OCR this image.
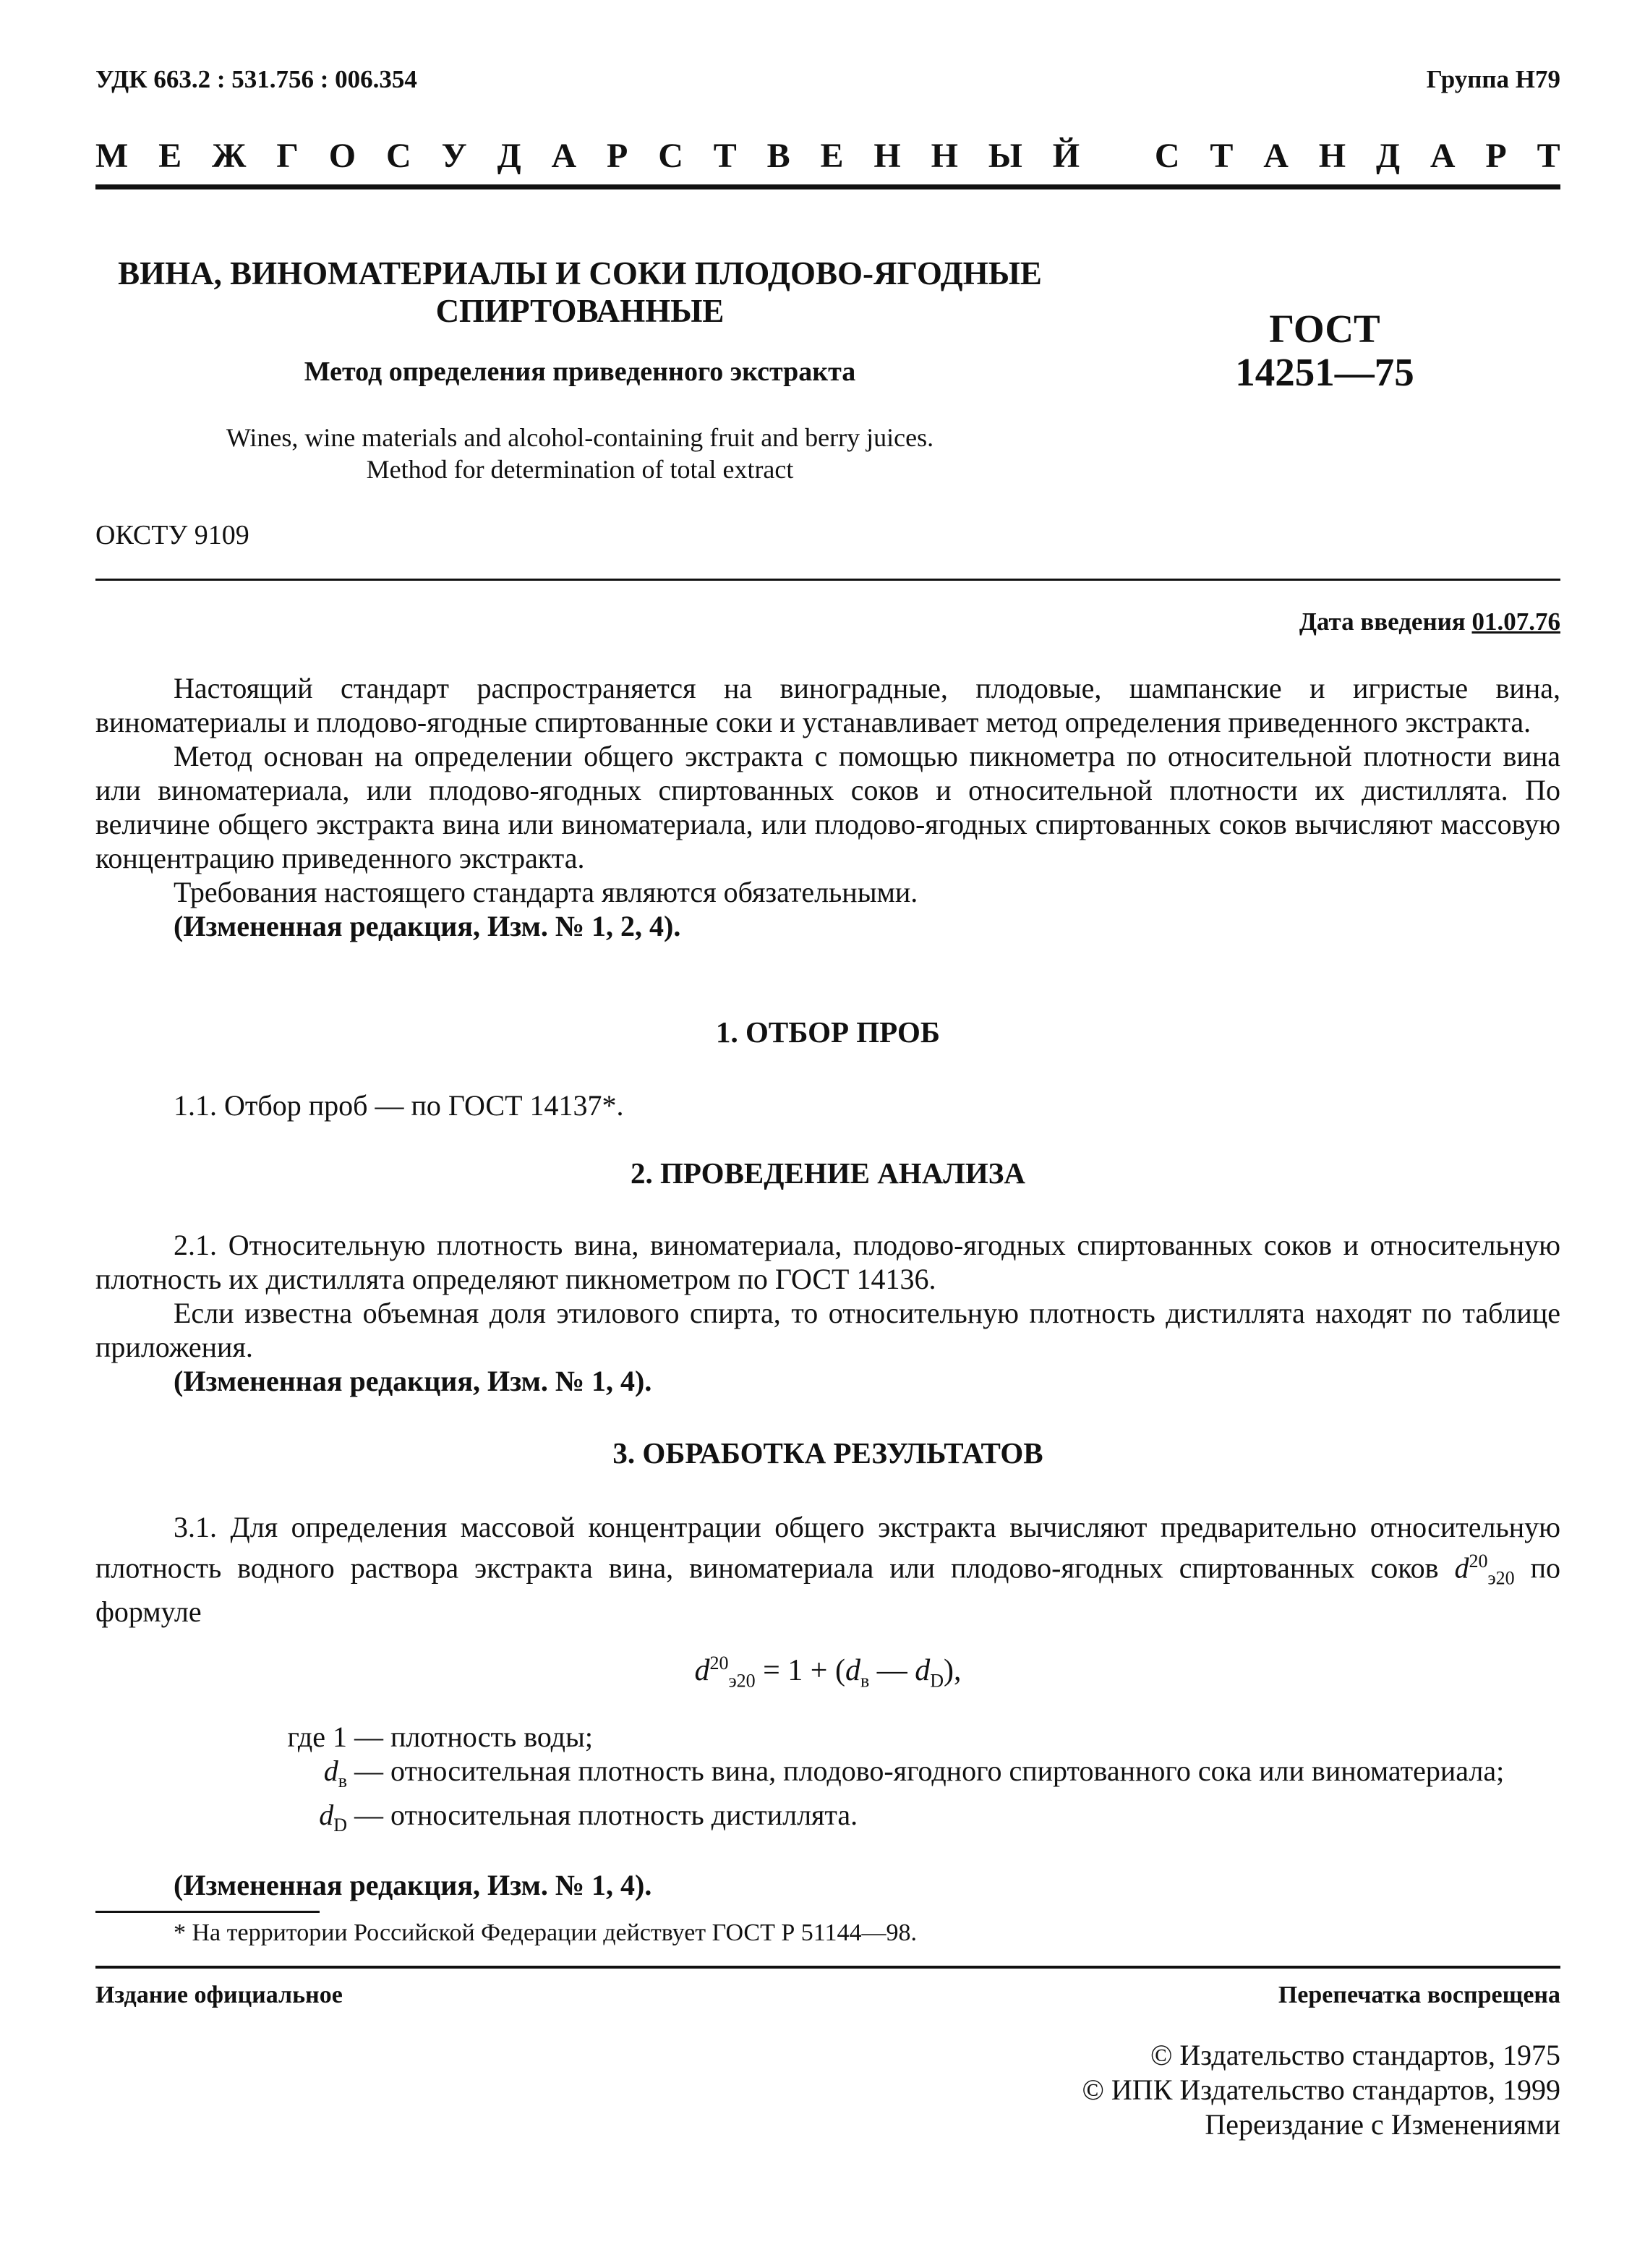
УДК 663.2 : 531.756 : 006.354	Группа Н79
М Е Ж Г О С У Д А Р С Т В Е Н Н Ы Й С Т А Н Д А Р Т
ВИНА, ВИНОМАТЕРИАЛЫ И СОКИ ПЛОДОВО-ЯГОДНЫЕ
СПИРТОВАННЫЕ
Метод определения приведенного экстракта
ГОСТ
14251—75
Wines, wine materials and alcohol-containing fruit and berry juices.
Method for determination of total extract
ОКСТУ 9109
Дата введения 01.07.76

Настоящий стандарт распространяется на виноградные, плодовые, шампанские и игристые вина, виноматериалы и плодово-ягодные спиртованные соки и устанавливает метод определения приведенного экстракта.

Метод основан на определении общего экстракта с помощью пикнометра по относительной плотности вина или виноматериала, или плодово-ягодных спиртованных соков и относительной плотности их дистиллята. По величине общего экстракта вина или виноматериала, или плодово-ягодных спиртованных соков вычисляют массовую концентрацию приведенного экстракта.

Требования настоящего стандарта являются обязательными.

(Измененная редакция, Изм. № 1, 2, 4).
1. ОТБОР ПРОБ

1.1. Отбор проб — по ГОСТ 14137*.

2. ПРОВЕДЕНИЕ АНАЛИЗА

2.1. Относительную плотность вина, виноматериала, плодово-ягодных спиртованных соков и относительную плотность их дистиллята определяют пикнометром по ГОСТ 14136.

Если известна объемная доля этилового спирта, то относительную плотность дистиллята находят по таблице приложения.

(Измененная редакция, Изм. № 1, 4).
3. ОБРАБОТКА РЕЗУЛЬТАТОВ

3.1. Для определения массовой концентрации общего экстракта вычисляют предварительно относительную плотность водного раствора экстракта вина, виноматериала или плодово-ягодных спиртованных соков $d^{20}_{э20}$ по формуле

$d^{20}_{э20} = 1 + (d_в$ — $d_D$),
где 1 — плотность воды;
$d_в$ — относительная плотность вина, плодово-ягодного спиртованного сока или виноматериала;
$d_D$ — относительная плотность дистиллята.
(Измененная редакция, Изм. № 1, 4).
* На территории Российской Федерации действует ГОСТ Р 51144—98.
Издание официальное	Перепечатка воспрещена
© Издательство стандартов, 1975
© ИПК Издательство стандартов, 1999
Переиздание с Изменениями
